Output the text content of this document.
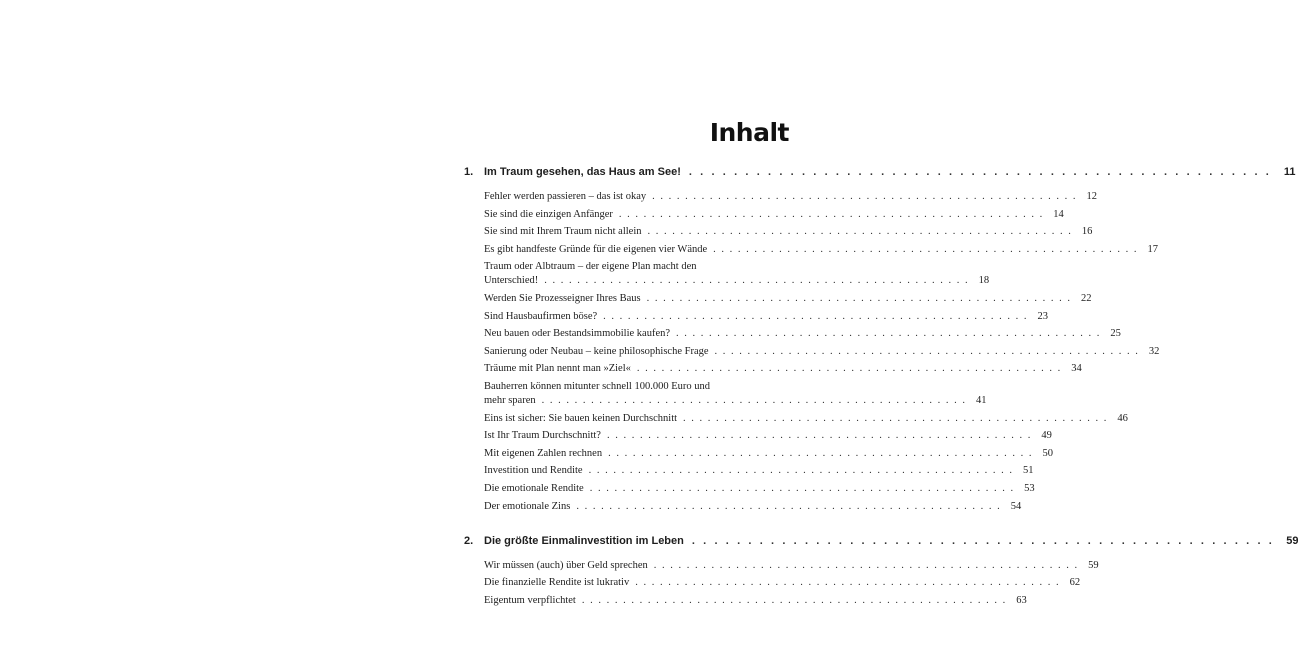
Inhalt
1. Im Traum gesehen, das Haus am See! . . . . . . . . . . . . . . . . . . . . . . . . . . . . . . . . . . . . . . . . . . . . . . . . . . . .	11
Fehler werden passieren – das ist okay . . . . . . . . . . . . . . . . . . . . . . . . . . . . . . . . . . . . . . . . . . . . . . . . . . . . 12
Sie sind die einzigen Anfänger . . . . . . . . . . . . . . . . . . . . . . . . . . . . . . . . . . . . . . . . . . . . . . . . . . . . 14
Sie sind mit Ihrem Traum nicht allein . . . . . . . . . . . . . . . . . . . . . . . . . . . . . . . . . . . . . . . . . . . . . . . . . . . . 16
Es gibt handfeste Gründe für die eigenen vier Wände . . . . . . . . . . . . . . . . . . . . . . . . . . . . . . . . . . . . . . . . . . . . . . . . . . . . 17
Traum oder Albtraum – der eigene Plan macht den
Unterschied! . . . . . . . . . . . . . . . . . . . . . . . . . . . . . . . . . . . . . . . . . . . . . . . . . . . . 18
Werden Sie Prozesseigner Ihres Baus . . . . . . . . . . . . . . . . . . . . . . . . . . . . . . . . . . . . . . . . . . . . . . . . . . . . 22
Sind Hausbaufirmen böse? . . . . . . . . . . . . . . . . . . . . . . . . . . . . . . . . . . . . . . . . . . . . . . . . . . . . 23
Neu bauen oder Bestandsimmobilie kaufen? . . . . . . . . . . . . . . . . . . . . . . . . . . . . . . . . . . . . . . . . . . . . . . . . . . . . 25
Sanierung oder Neubau – keine philosophische Frage . . . . . . . . . . . . . . . . . . . . . . . . . . . . . . . . . . . . . . . . . . . . . . . . . . . . 32
Träume mit Plan nennt man »Ziel« . . . . . . . . . . . . . . . . . . . . . . . . . . . . . . . . . . . . . . . . . . . . . . . . . . . . 34
Bauherren können mitunter schnell 100.000 Euro und
mehr sparen . . . . . . . . . . . . . . . . . . . . . . . . . . . . . . . . . . . . . . . . . . . . . . . . . . . . 41
Eins ist sicher: Sie bauen keinen Durchschnitt . . . . . . . . . . . . . . . . . . . . . . . . . . . . . . . . . . . . . . . . . . . . . . . . . . . . 46
Ist Ihr Traum Durchschnitt? . . . . . . . . . . . . . . . . . . . . . . . . . . . . . . . . . . . . . . . . . . . . . . . . . . . . 49
Mit eigenen Zahlen rechnen . . . . . . . . . . . . . . . . . . . . . . . . . . . . . . . . . . . . . . . . . . . . . . . . . . . . 50
Investition und Rendite . . . . . . . . . . . . . . . . . . . . . . . . . . . . . . . . . . . . . . . . . . . . . . . . . . . . 51
Die emotionale Rendite . . . . . . . . . . . . . . . . . . . . . . . . . . . . . . . . . . . . . . . . . . . . . . . . . . . . 53
Der emotionale Zins . . . . . . . . . . . . . . . . . . . . . . . . . . . . . . . . . . . . . . . . . . . . . . . . . . . . 54
2. Die größte Einmalinvestition im Leben . . . . . . . . . . . . . . . . . . . . . . . . . . . . . . . . . . . . . . . . . . . . . . . . . . . .	59
Wir müssen (auch) über Geld sprechen . . . . . . . . . . . . . . . . . . . . . . . . . . . . . . . . . . . . . . . . . . . . . . . . . . . . 59
Die finanzielle Rendite ist lukrativ . . . . . . . . . . . . . . . . . . . . . . . . . . . . . . . . . . . . . . . . . . . . . . . . . . . . 62
Eigentum verpflichtet . . . . . . . . . . . . . . . . . . . . . . . . . . . . . . . . . . . . . . . . . . . . . . . . . . . . 63
